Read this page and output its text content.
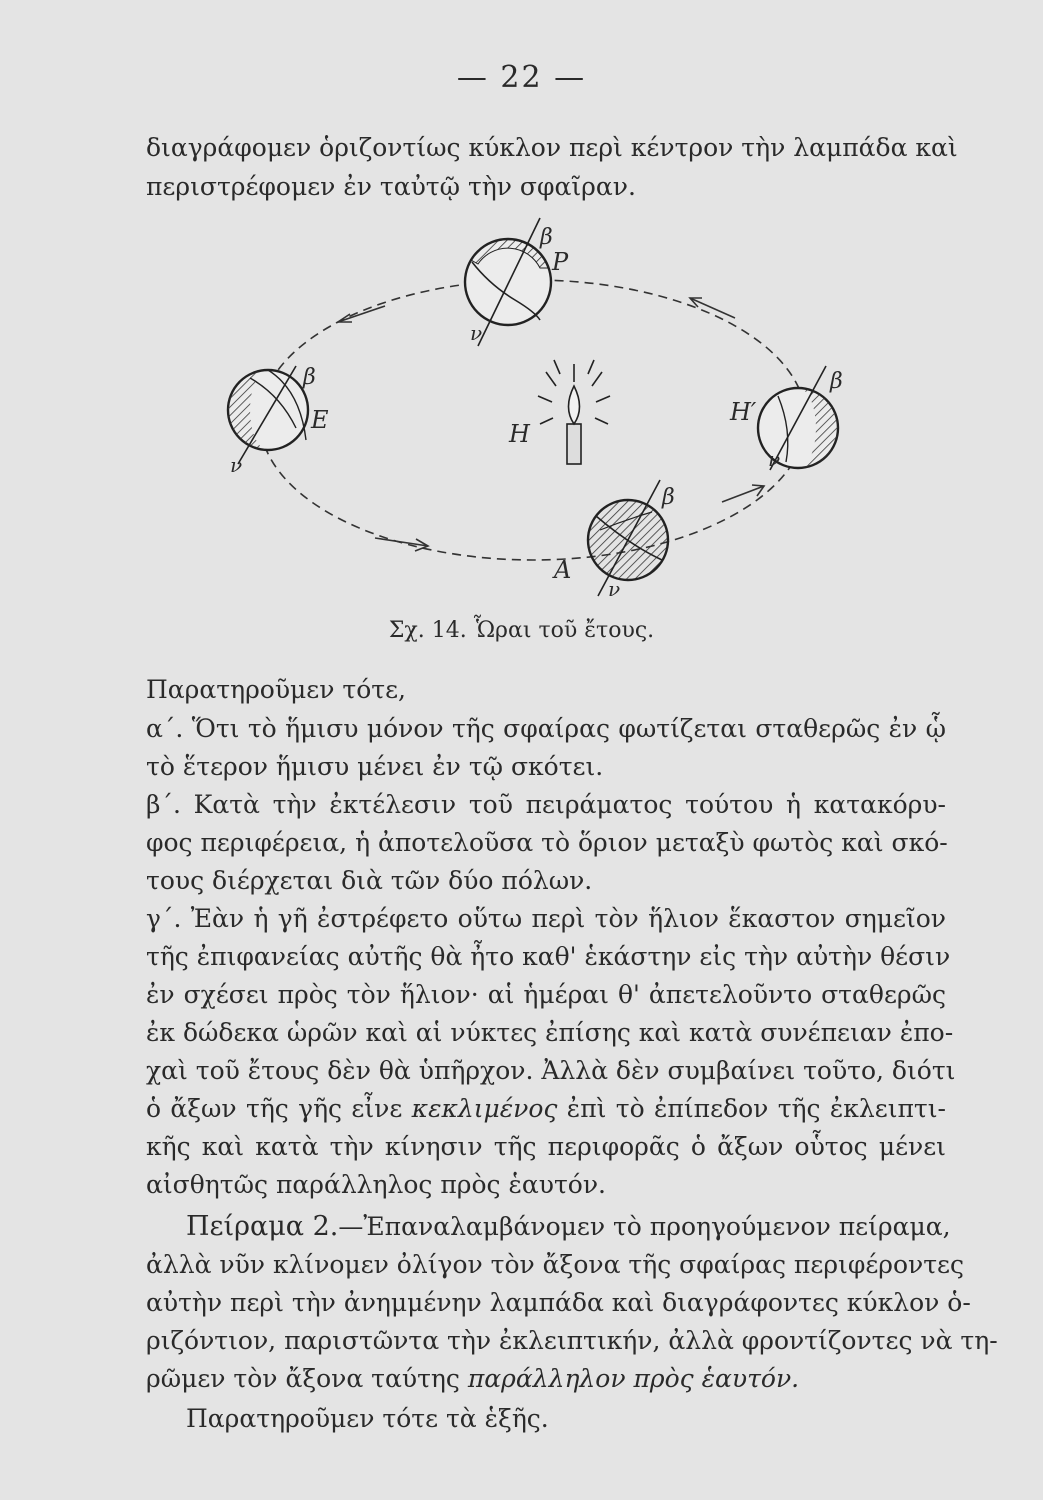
— 22 —
διαγράφομεν ὁριζοντίως κύκλον περὶ κέντρον τὴν λαμπάδα καὶ
περιστρέφομεν ἐν ταὐτῷ τὴν σφαῖραν.
β
P
ν
β
E
ν
H
H′
β
ν
β
A
ν
Σχ. 14. Ὧραι τοῦ ἔτους.
Παρατηροῦμεν τότε,
α΄. Ὅτι τὸ ἥμισυ μόνον τῆς σφαίρας φωτίζεται σταθερῶς ἐν ᾧ
τὸ ἕτερον ἥμισυ μένει ἐν τῷ σκότει.
β΄. Κατὰ τὴν ἐκτέλεσιν τοῦ πειράματος τούτου ἡ κατακόρυ-
φος περιφέρεια, ἡ ἀποτελοῦσα τὸ ὅριον μεταξὺ φωτὸς καὶ σκό-
τους διέρχεται διὰ τῶν δύο πόλων.
γ΄. Ἐὰν ἡ γῆ ἐστρέφετο οὕτω περὶ τὸν ἥλιον ἕκαστον σημεῖον
τῆς ἐπιφανείας αὐτῆς θὰ ἦτο καθ' ἑκάστην εἰς τὴν αὐτὴν θέσιν
ἐν σχέσει πρὸς τὸν ἥλιον· αἱ ἡμέραι θ' ἀπετελοῦντο σταθερῶς
ἐκ δώδεκα ὡρῶν καὶ αἱ νύκτες ἐπίσης καὶ κατὰ συνέπειαν ἐπο-
χαὶ τοῦ ἔτους δὲν θὰ ὑπῆρχον. Ἀλλὰ δὲν συμβαίνει τοῦτο, διότι
ὁ ἄξων τῆς γῆς εἶνε κεκλιμένος ἐπὶ τὸ ἐπίπεδον τῆς ἐκλειπτι-
κῆς καὶ κατὰ τὴν κίνησιν τῆς περιφορᾶς ὁ ἄξων οὗτος μένει
αἰσθητῶς παράλληλος πρὸς ἑαυτόν.
Πείραμα 2.—Ἐπαναλαμβάνομεν τὸ προηγούμενον πείραμα,
ἀλλὰ νῦν κλίνομεν ὀλίγον τὸν ἄξονα τῆς σφαίρας περιφέροντες
αὐτὴν περὶ τὴν ἀνημμένην λαμπάδα καὶ διαγράφοντες κύκλον ὁ-
ριζόντιον, παριστῶντα τὴν ἐκλειπτικήν, ἀλλὰ φροντίζοντες νὰ τη-
ρῶμεν τὸν ἄξονα ταύτης παράλληλον πρὸς ἑαυτόν.
Παρατηροῦμεν τότε τὰ ἑξῆς.
